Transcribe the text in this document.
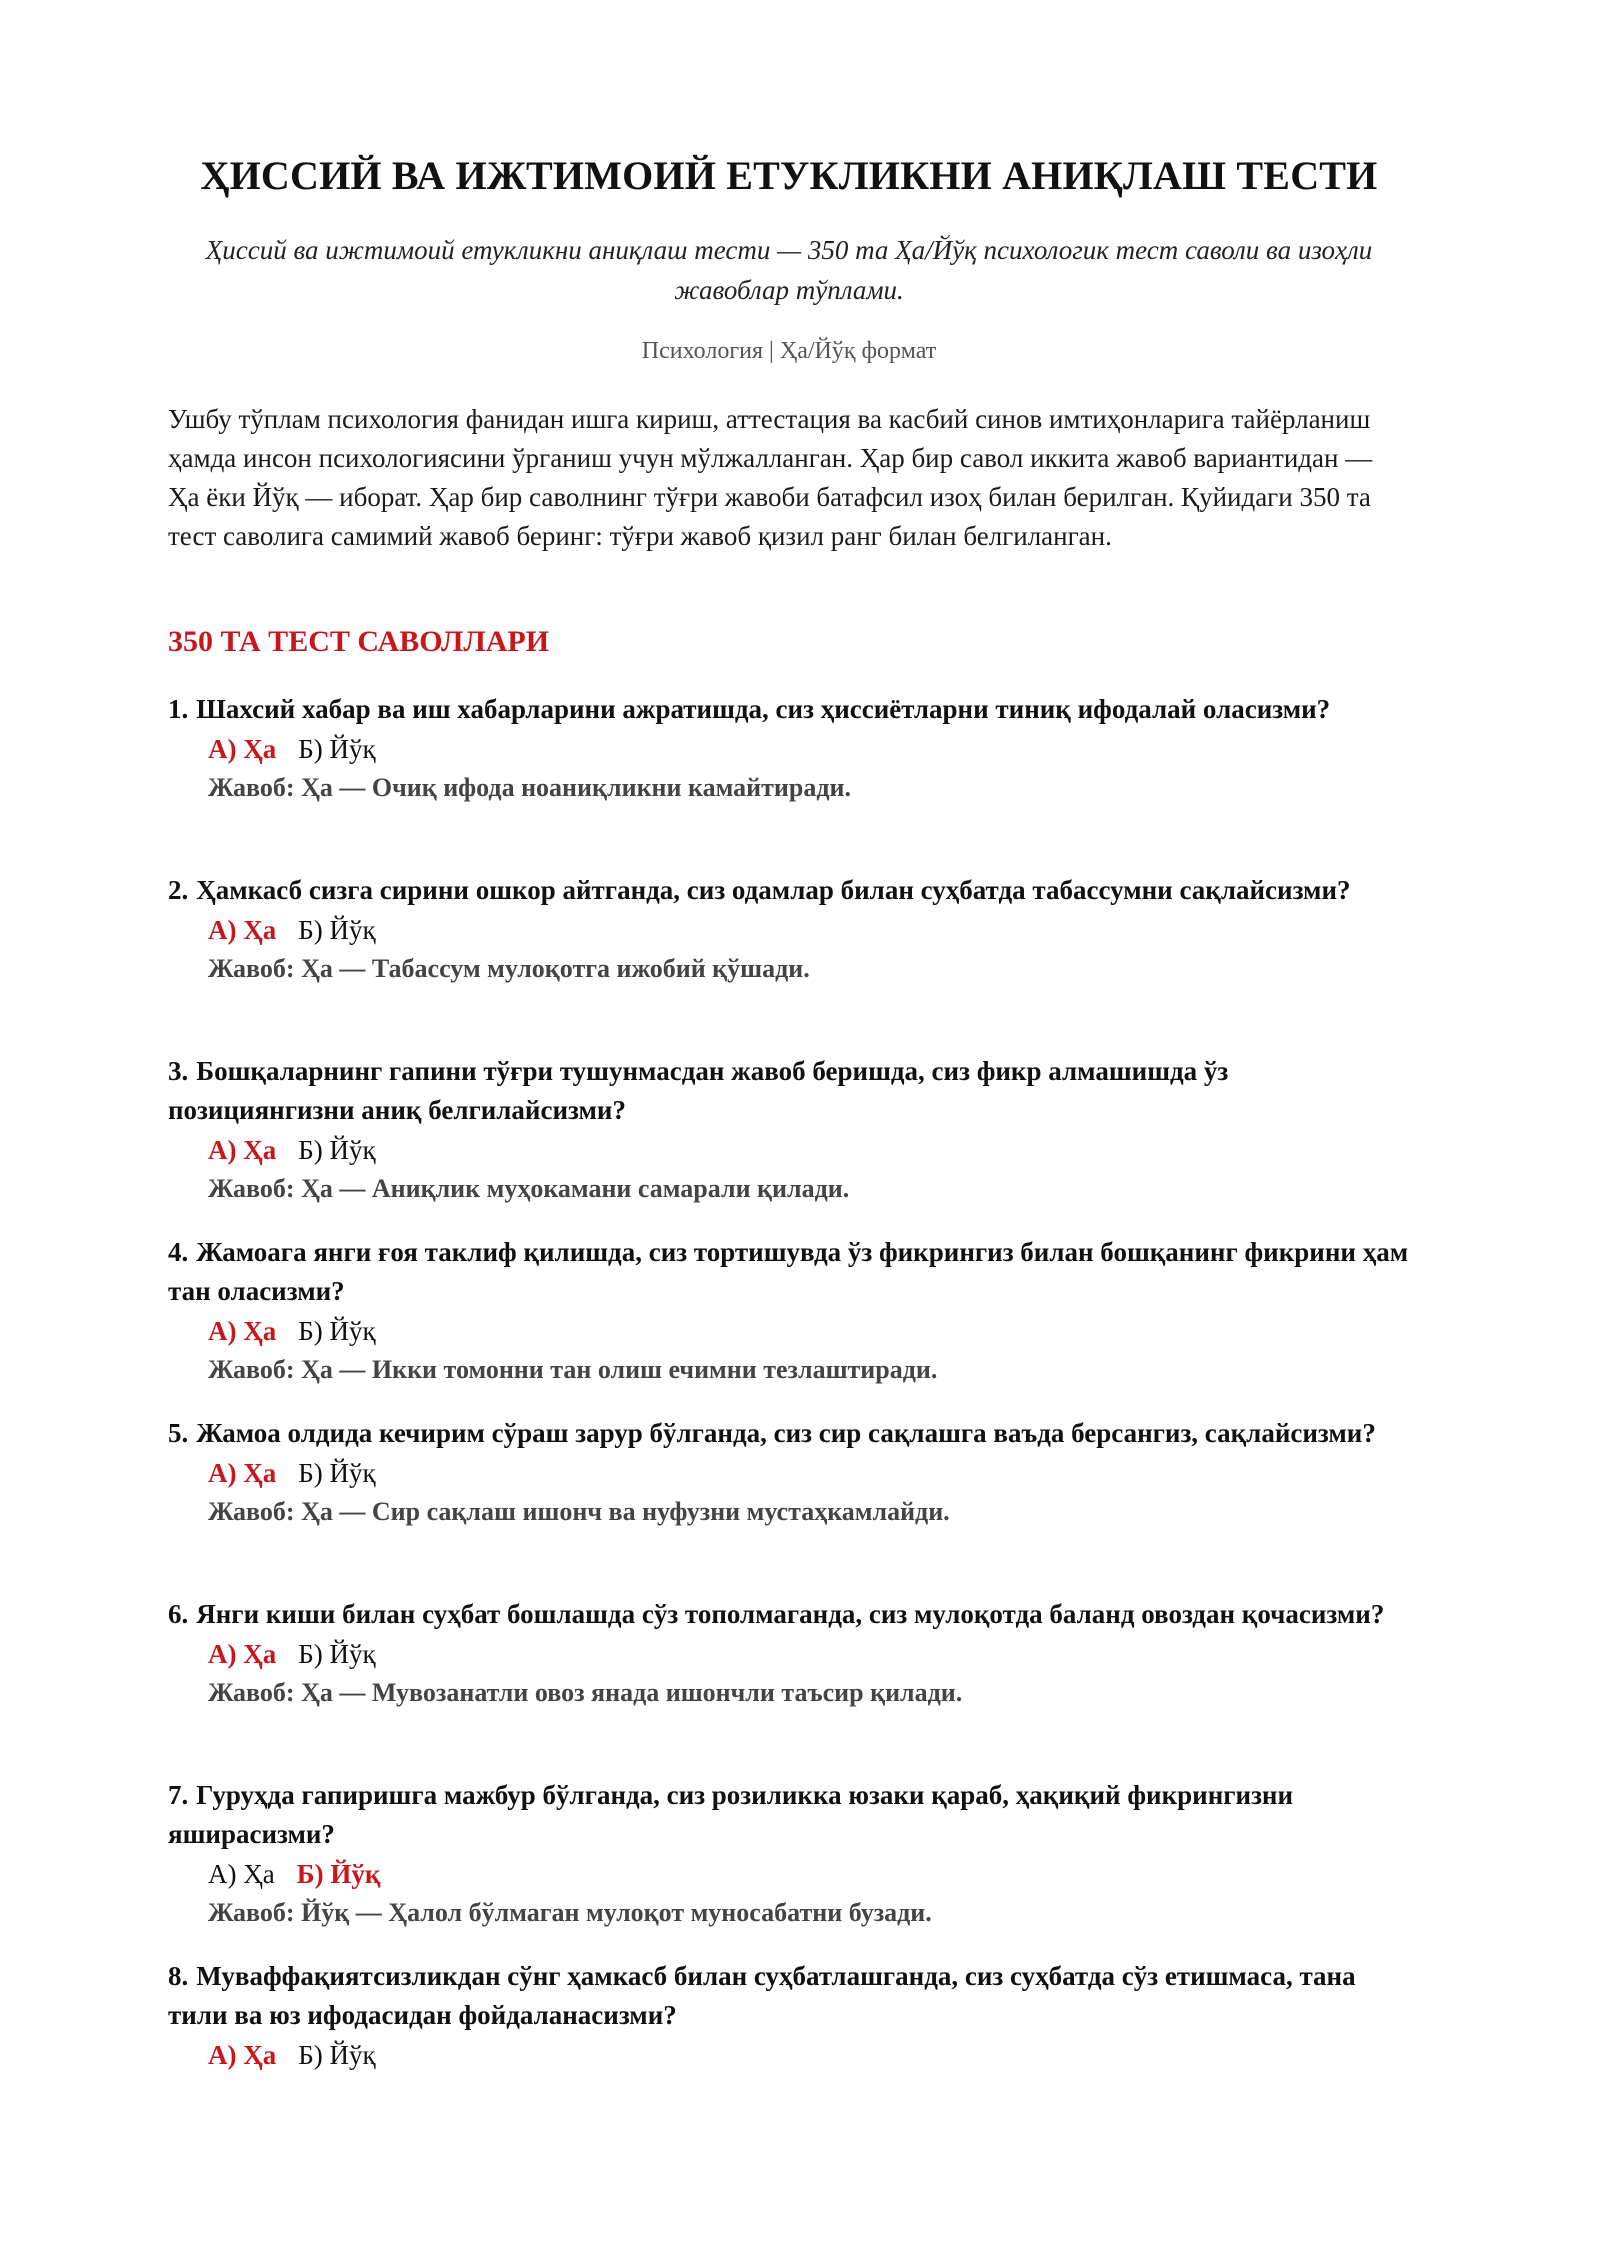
ҲИССИЙ ВА ИЖТИМОИЙ ЕТУКЛИКНИ АНИҚЛАШ ТЕСТИ
Ҳиссий ва ижтимоий етукликни аниқлаш тести — 350 та Ҳа/Йўқ психологик тест саволи ва изоҳли жавоблар тўплами.
Психология | Ҳа/Йўқ формат
Ушбу тўплам психология фанидан ишга кириш, аттестация ва касбий синов имтиҳонларига тайёрланиш ҳамда инсон психологиясини ўрганиш учун мўлжалланган. Ҳар бир савол иккита жавоб вариантидан — Ҳа ёки Йўқ — иборат. Ҳар бир саволнинг тўғри жавоби батафсил изоҳ билан берилган. Қуйидаги 350 та тест саволига самимий жавоб беринг: тўғри жавоб қизил ранг билан белгиланган.
350 ТА ТЕСТ САВОЛЛАРИ
1. Шахсий хабар ва иш хабарларини ажратишда, сиз ҳиссиётларни тиниқ ифодалай оласизми?
А) Ҳа Б) Йўқ
Жавоб: Ҳа — Очиқ ифода ноаниқликни камайтиради.
2. Ҳамкасб сизга сирини ошкор айтганда, сиз одамлар билан суҳбатда табассумни сақлайсизми?
А) Ҳа Б) Йўқ
Жавоб: Ҳа — Табассум мулоқотга ижобий қўшади.
3. Бошқаларнинг гапини тўғри тушунмасдан жавоб беришда, сиз фикр алмашишда ўз позициянгизни аниқ белгилайсизми?
А) Ҳа Б) Йўқ
Жавоб: Ҳа — Аниқлик муҳокамани самарали қилади.
4. Жамоага янги ғоя таклиф қилишда, сиз тортишувда ўз фикрингиз билан бошқанинг фикрини ҳам тан оласизми?
А) Ҳа Б) Йўқ
Жавоб: Ҳа — Икки томонни тан олиш ечимни тезлаштиради.
5. Жамоа олдида кечирим сўраш зарур бўлганда, сиз сир сақлашга ваъда берсангиз, сақлайсизми?
А) Ҳа Б) Йўқ
Жавоб: Ҳа — Сир сақлаш ишонч ва нуфузни мустаҳкамлайди.
6. Янги киши билан суҳбат бошлашда сўз тополмаганда, сиз мулоқотда баланд овоздан қочасизми?
А) Ҳа Б) Йўқ
Жавоб: Ҳа — Мувозанатли овоз янада ишончли таъсир қилади.
7. Гуруҳда гапиришга мажбур бўлганда, сиз розиликка юзаки қараб, ҳақиқий фикрингизни яширасизми?
А) Ҳа Б) Йўқ
Жавоб: Йўқ — Ҳалол бўлмаган мулоқот муносабатни бузади.
8. Муваффақиятсизликдан сўнг ҳамкасб билан суҳбатлашганда, сиз суҳбатда сўз етишмаса, тана тили ва юз ифодасидан фойдаланасизми?
А) Ҳа Б) Йўқ
